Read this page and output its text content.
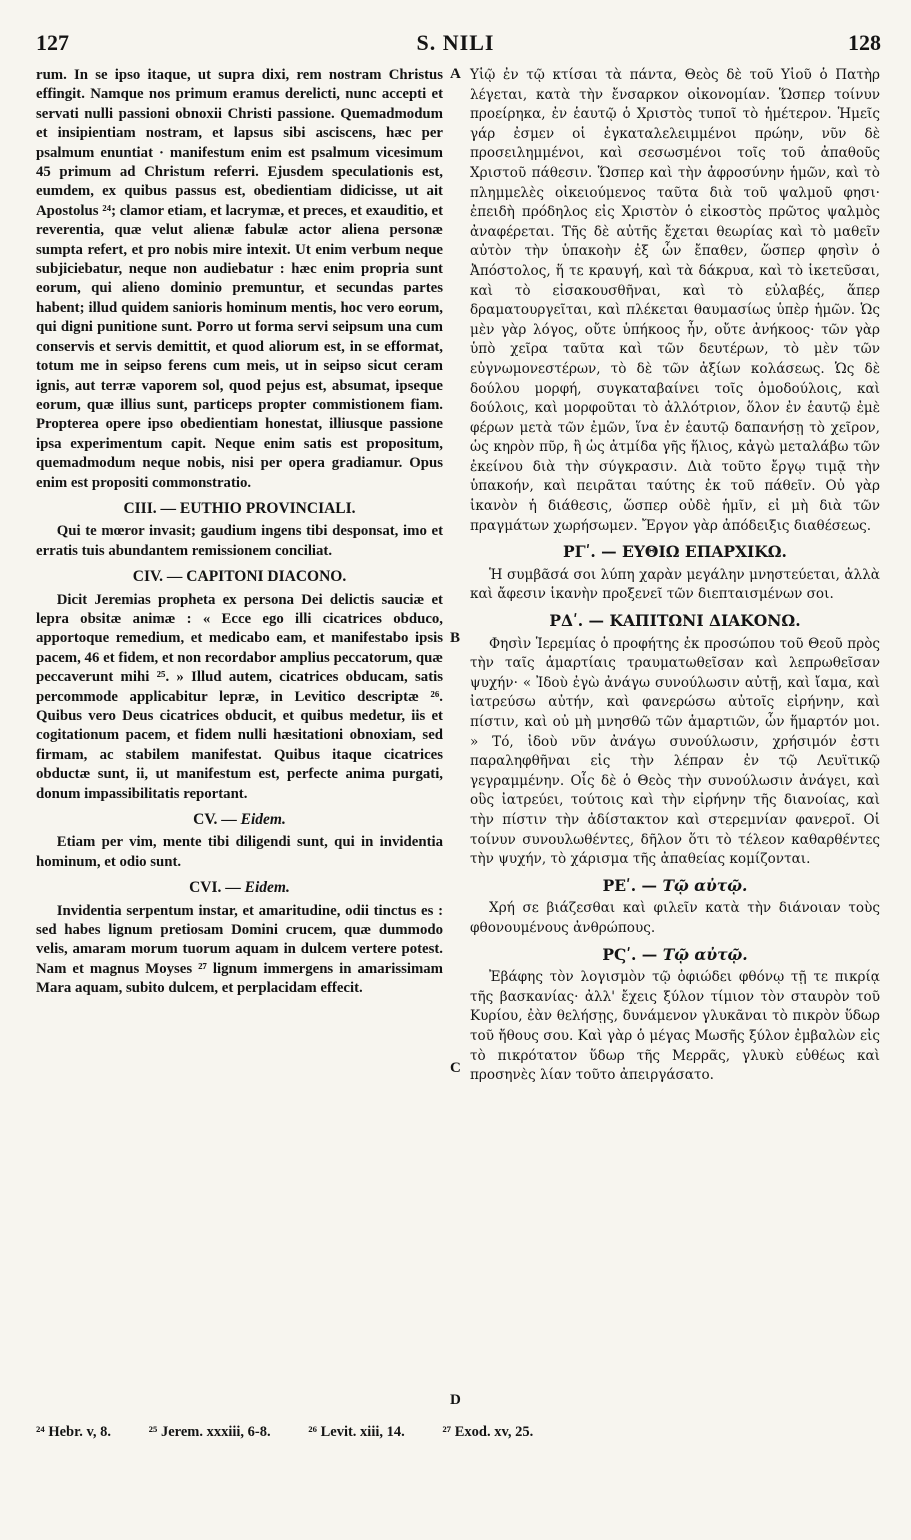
127	S. NILI	128
A
B
C
D

rum. In se ipso itaque, ut supra dixi, rem nostram Christus effingit. Namque nos primum eramus derelicti, nunc accepti et servati nulli passioni obnoxii Christi passione. Quemadmodum et insipientiam nostram, et lapsus sibi asciscens, hæc per psalmum enuntiat · manifestum enim est psalmum vicesimum 45 primum ad Christum referri. Ejusdem speculationis est, eumdem, ex quibus passus est, obedientiam didicisse, ut ait Apostolus ²⁴; clamor etiam, et lacrymæ, et preces, et exauditio, et reverentia, quæ velut alienæ fabulæ actor aliena personæ sumpta refert, et pro nobis mire intexit. Ut enim verbum neque subjiciebatur, neque non audiebatur : hæc enim propria sunt eorum, qui alieno dominio premuntur, et secundas partes habent; illud quidem sanioris hominum mentis, hoc vero eorum, qui digni punitione sunt. Porro ut forma servi seipsum una cum conservis et servis demittit, et quod aliorum est, in se efformat, totum me in seipso ferens cum meis, ut in seipso sicut ceram ignis, aut terræ vaporem sol, quod pejus est, absumat, ipseque eorum, quæ illius sunt, particeps propter commistionem fiam. Propterea opere ipso obedientiam honestat, illiusque passione ipsa experimentum capit. Neque enim satis est propositum, quemadmodum neque nobis, nisi per opera gradiamur. Opus enim est propositi commonstratio.

CIII. — EUTHIO PROVINCIALI.

Qui te mœror invasit; gaudium ingens tibi desponsat, imo et erratis tuis abundantem remissionem conciliat.

CIV. — CAPITONI DIACONO.

Dicit Jeremias propheta ex persona Dei delictis sauciæ et lepra obsitæ animæ : « Ecce ego illi cicatrices obduco, apportoque remedium, et medicabo eam, et manifestabo ipsis pacem, 46 et fidem, et non recordabor amplius peccatorum, quæ peccaverunt mihi ²⁵. » Illud autem, cicatrices obducam, satis percommode applicabitur lepræ, in Levitico descriptæ ²⁶. Quibus vero Deus cicatrices obducit, et quibus medetur, iis et cogitationum pacem, et fidem nulli hæsitationi obnoxiam, sed firmam, ac stabilem manifestat. Quibus itaque cicatrices obductæ sunt, ii, ut manifestum est, perfecte anima purgati, donum impassibilitatis reportant.

CV. — Eidem.

Etiam per vim, mente tibi diligendi sunt, qui in invidentia hominum, et odio sunt.

CVI. — Eidem.

Invidentia serpentum instar, et amaritudine, odii tinctus es : sed habes lignum pretiosam Domini crucem, quæ dummodo velis, amaram morum tuorum aquam in dulcem vertere potest. Nam et magnus Moyses ²⁷ lignum immergens in amarissimam Mara aquam, subito dulcem, et perplacidam effecit.

Υἱῷ ἐν τῷ κτίσαι τὰ πάντα, Θεὸς δὲ τοῦ Υἱοῦ ὁ Πατὴρ λέγεται, κατὰ τὴν ἔνσαρκον οἰκονομίαν. Ὥσπερ τοίνυν προείρηκα, ἐν ἑαυτῷ ὁ Χριστὸς τυποῖ τὸ ἡμέτερον. Ἡμεῖς γάρ ἐσμεν οἱ ἐγκαταλελειμμένοι πρώην, νῦν δὲ προσειλημμένοι, καὶ σεσωσμένοι τοῖς τοῦ ἀπαθοῦς Χριστοῦ πάθεσιν. Ὥσπερ καὶ τὴν ἀφροσύνην ἡμῶν, καὶ τὸ πλημμελὲς οἰκειούμενος ταῦτα διὰ τοῦ ψαλμοῦ φησι· ἐπειδὴ πρόδηλος εἰς Χριστὸν ὁ εἰκοστὸς πρῶτος ψαλμὸς ἀναφέρεται. Τῆς δὲ αὐτῆς ἔχεται θεωρίας καὶ τὸ μαθεῖν αὐτὸν τὴν ὑπακοὴν ἐξ ὧν ἔπαθεν, ὥσπερ φησὶν ὁ Ἀπόστολος, ἥ τε κραυγή, καὶ τὰ δάκρυα, καὶ τὸ ἱκετεῦσαι, καὶ τὸ εἰσακουσθῆναι, καὶ τὸ εὐλαβές, ἅπερ δραματουργεῖται, καὶ πλέκεται θαυμασίως ὑπὲρ ἡμῶν. Ὡς μὲν γὰρ λόγος, οὔτε ὑπήκοος ἦν, οὔτε ἀνήκοος· τῶν γὰρ ὑπὸ χεῖρα ταῦτα καὶ τῶν δευτέρων, τὸ μὲν τῶν εὐγνωμονεστέρων, τὸ δὲ τῶν ἀξίων κολάσεως. Ὡς δὲ δούλου μορφή, συγκαταβαίνει τοῖς ὁμοδούλοις, καὶ δούλοις, καὶ μορφοῦται τὸ ἀλλότριον, ὅλον ἐν ἑαυτῷ ἐμὲ φέρων μετὰ τῶν ἐμῶν, ἵνα ἐν ἑαυτῷ δαπανήσῃ τὸ χεῖρον, ὡς κηρὸν πῦρ, ἢ ὡς ἀτμίδα γῆς ἥλιος, κἀγὼ μεταλάβω τῶν ἐκείνου διὰ τὴν σύγκρασιν. Διὰ τοῦτο ἔργῳ τιμᾷ τὴν ὑπακοήν, καὶ πειρᾶται ταύτης ἐκ τοῦ πάθεῖν. Οὐ γὰρ ἱκανὸν ἡ διάθεσις, ὥσπερ οὐδὲ ἡμῖν, εἰ μὴ διὰ τῶν πραγμάτων χωρήσωμεν. Ἔργον γὰρ ἀπόδειξις διαθέσεως.

ΡΓʹ. — ΕΥΘΙΩ ΕΠΑΡΧΙΚΩ.

Ἡ συμβᾶσά σοι λύπη χαρὰν μεγάλην μνηστεύεται, ἀλλὰ καὶ ἄφεσιν ἱκανὴν προξενεῖ τῶν διεπταισμένων σοι.

ΡΔʹ. — ΚΑΠΙΤΩΝΙ ΔΙΑΚΟΝΩ.

Φησὶν Ἱερεμίας ὁ προφήτης ἐκ προσώπου τοῦ Θεοῦ πρὸς τὴν ταῖς ἁμαρτίαις τραυματωθεῖσαν καὶ λεπρωθεῖσαν ψυχήν· « Ἰδοὺ ἐγὼ ἀνάγω συνούλωσιν αὐτῇ, καὶ ἴαμα, καὶ ἰατρεύσω αὐτήν, καὶ φανερώσω αὐτοῖς εἰρήνην, καὶ πίστιν, καὶ οὐ μὴ μνησθῶ τῶν ἁμαρτιῶν, ὧν ἥμαρτόν μοι. » Τό, ἰδοὺ νῦν ἀνάγω συνούλωσιν, χρήσιμόν ἐστι παραληφθῆναι εἰς τὴν λέπραν ἐν τῷ Λευϊτικῷ γεγραμμένην. Οἷς δὲ ὁ Θεὸς τὴν συνούλωσιν ἀνάγει, καὶ οὓς ἰατρεύει, τούτοις καὶ τὴν εἰρήνην τῆς διανοίας, καὶ τὴν πίστιν τὴν ἀδίστακτον καὶ στερεμνίαν φανεροῖ. Οἱ τοίνυν συνουλωθέντες, δῆλον ὅτι τὸ τέλεον καθαρθέντες τὴν ψυχήν, τὸ χάρισμα τῆς ἀπαθείας κομίζονται.

ΡΕʹ. — Τῷ αὐτῷ.

Χρή σε βιάζεσθαι καὶ φιλεῖν κατὰ τὴν διάνοιαν τοὺς φθονουμένους ἀνθρώπους.

ΡϚʹ. — Τῷ αὐτῷ.

Ἐβάφης τὸν λογισμὸν τῷ ὀφιώδει φθόνῳ τῇ τε πικρίᾳ τῆς βασκανίας· ἀλλ' ἔχεις ξύλον τίμιον τὸν σταυρὸν τοῦ Κυρίου, ἐὰν θελήσῃς, δυνάμενον γλυκᾶναι τὸ πικρὸν ὕδωρ τοῦ ἤθους σου. Καὶ γὰρ ὁ μέγας Μωσῆς ξύλον ἐμβαλὼν εἰς τὸ πικρότατον ὕδωρ τῆς Μερρᾶς, γλυκὺ εὐθέως καὶ προσηνὲς λίαν τοῦτο ἀπειργάσατο.

²⁴ Hebr. v, 8.	²⁵ Jerem. xxxiii, 6-8.	²⁶ Levit. xiii, 14.	²⁷ Exod. xv, 25.
